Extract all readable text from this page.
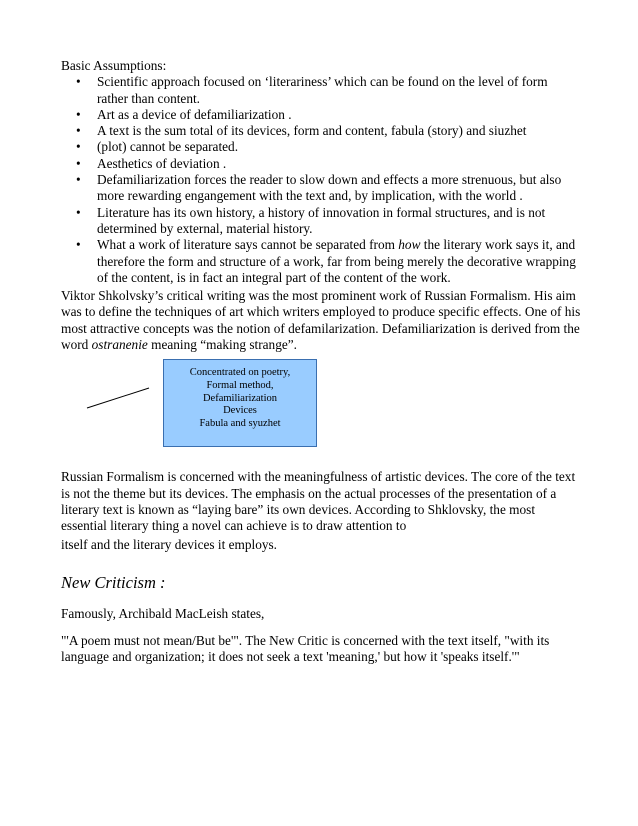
Basic Assumptions:

• Scientific approach focused on ‘literariness’ which can be found on the level of form rather than content.
• Art as a device of defamiliarization .
• A text is the sum total of its devices, form and content, fabula (story) and siuzhet
• (plot) cannot be separated.
• Aesthetics of deviation .
• Defamiliarization forces the reader to slow down and effects a more strenuous, but also more rewarding engangement with the text and, by implication, with the world .
• Literature has its own history, a history of innovation in formal structures, and is not determined by external, material history.
• What a work of literature says cannot be separated from how the literary work says it, and therefore the form and structure of a work, far from being merely the decorative wrapping of the content, is in fact an integral part of the content of the work.

Viktor Shkolvsky’s critical writing was the most prominent work of Russian Formalism. His aim was to define the techniques of art which writers employed to produce specific effects. One of his most attractive concepts was the notion of defamilarization. Defamiliarization is derived from the word ostranenie meaning “making strange”.

Concentrated on poetry,
Formal method,
Defamiliarization
Devices
Fabula and syuzhet

Russian Formalism is concerned with the meaningfulness of artistic devices. The core of the text is not the theme but its devices. The emphasis on the actual processes of the presentation of a literary text is known as “laying bare” its own devices. According to Shklovsky, the most essential literary thing a novel can achieve is to draw attention to

itself and the literary devices it employs.

New Criticism :

Famously, Archibald MacLeish states,

"'A poem must not mean/But be'". The New Critic is concerned with the text itself, "with its language and organization; it does not seek a text 'meaning,' but how it 'speaks itself.'"
